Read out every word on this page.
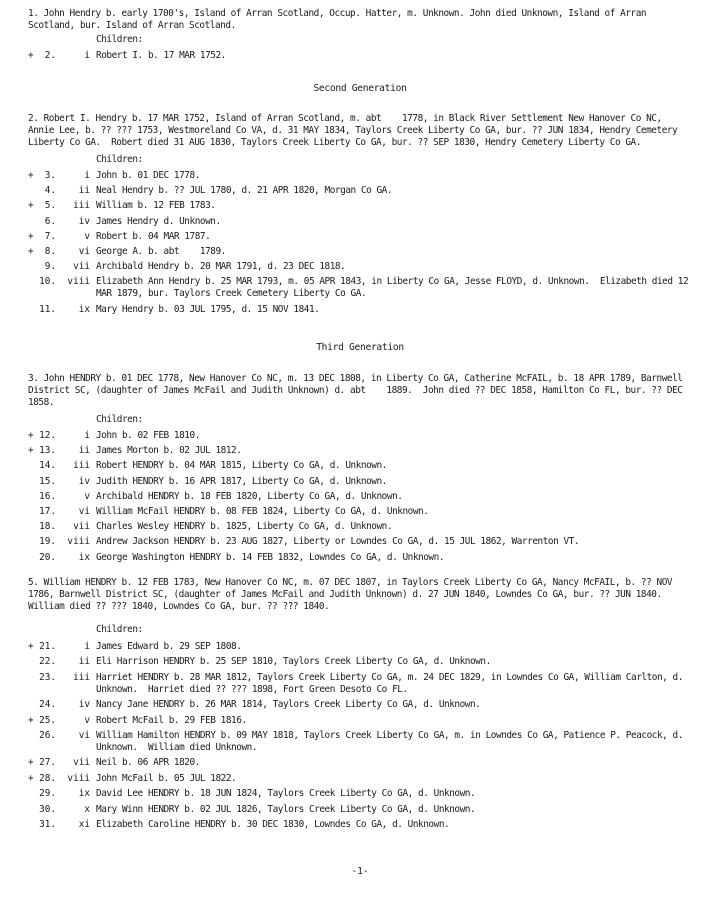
1. John Hendry b. early 1700's, Island of Arran Scotland, Occup. Hatter, m. Unknown. John died Unknown, Island of Arran
Scotland, bur. Island of Arran Scotland.
Children:
+	2.	i Robert I. b. 17 MAR 1752.
Second Generation
2. Robert I. Hendry b. 17 MAR 1752, Island of Arran Scotland, m. abt    1778, in Black River Settlement New Hanover Co NC,
Annie Lee, b. ?? ??? 1753, Westmoreland Co VA, d. 31 MAY 1834, Taylors Creek Liberty Co GA, bur. ?? JUN 1834, Hendry Cemetery
Liberty Co GA.  Robert died 31 AUG 1830, Taylors Creek Liberty Co GA, bur. ?? SEP 1830, Hendry Cemetery Liberty Co GA.
Children:
+	3.	i John b. 01 DEC 1778.
4.	ii Neal Hendry b. ?? JUL 1780, d. 21 APR 1820, Morgan Co GA.
+	5.	iii William b. 12 FEB 1783.
6.	iv James Hendry d. Unknown.
+	7.	v Robert b. 04 MAR 1787.
+	8.	vi George A. b. abt    1789.
9.	vii Archibald Hendry b. 20 MAR 1791, d. 23 DEC 1818.
10.	viii Elizabeth Ann Hendry b. 25 MAR 1793, m. 05 APR 1843, in Liberty Co GA, Jesse FLOYD, d. Unknown.  Elizabeth died 12
MAR 1879, bur. Taylors Creek Cemetery Liberty Co GA.
11.	ix Mary Hendry b. 03 JUL 1795, d. 15 NOV 1841.
Third Generation
3. John HENDRY b. 01 DEC 1778, New Hanover Co NC, m. 13 DEC 1808, in Liberty Co GA, Catherine McFAIL, b. 18 APR 1789, Barnwell
District SC, (daughter of James McFail and Judith Unknown) d. abt    1889.  John died ?? DEC 1858, Hamilton Co FL, bur. ?? DEC
1858.
Children:
+ 12.	i John b. 02 FEB 1810.
+ 13.	ii James Morton b. 02 JUL 1812.
14.	iii Robert HENDRY b. 04 MAR 1815, Liberty Co GA, d. Unknown.
15.	iv Judith HENDRY b. 16 APR 1817, Liberty Co GA, d. Unknown.
16.	v Archibald HENDRY b. 18 FEB 1820, Liberty Co GA, d. Unknown.
17.	vi William McFail HENDRY b. 08 FEB 1824, Liberty Co GA, d. Unknown.
18.	vii Charles Wesley HENDRY b. 1825, Liberty Co GA, d. Unknown.
19.	viii Andrew Jackson HENDRY b. 23 AUG 1827, Liberty or Lowndes Co GA, d. 15 JUL 1862, Warrenton VT.
20.	ix George Washington HENDRY b. 14 FEB 1832, Lowndes Co GA, d. Unknown.
5. William HENDRY b. 12 FEB 1783, New Hanover Co NC, m. 07 DEC 1807, in Taylors Creek Liberty Co GA, Nancy McFAIL, b. ?? NOV
1786, Barnwell District SC, (daughter of James McFail and Judith Unknown) d. 27 JUN 1840, Lowndes Co GA, bur. ?? JUN 1840.
William died ?? ??? 1840, Lowndes Co GA, bur. ?? ??? 1840.
Children:
+ 21.	i James Edward b. 29 SEP 1808.
22.	ii Eli Harrison HENDRY b. 25 SEP 1810, Taylors Creek Liberty Co GA, d. Unknown.
23.	iii Harriet HENDRY b. 28 MAR 1812, Taylors Creek Liberty Co GA, m. 24 DEC 1829, in Lowndes Co GA, William Carlton, d.
Unknown.  Harriet died ?? ??? 1898, Fort Green Desoto Co FL.
24.	iv Nancy Jane HENDRY b. 26 MAR 1814, Taylors Creek Liberty Co GA, d. Unknown.
+ 25.	v Robert McFail b. 29 FEB 1816.
26.	vi William Hamilton HENDRY b. 09 MAY 1818, Taylors Creek Liberty Co GA, m. in Lowndes Co GA, Patience P. Peacock, d.
Unknown.  William died Unknown.
+ 27.	vii Neil b. 06 APR 1820.
+ 28.	viii John McFail b. 05 JUL 1822.
29.	ix David Lee HENDRY b. 18 JUN 1824, Taylors Creek Liberty Co GA, d. Unknown.
30.	x Mary Winn HENDRY b. 02 JUL 1826, Taylors Creek Liberty Co GA, d. Unknown.
31.	xi Elizabeth Caroline HENDRY b. 30 DEC 1830, Lowndes Co GA, d. Unknown.
-1-
